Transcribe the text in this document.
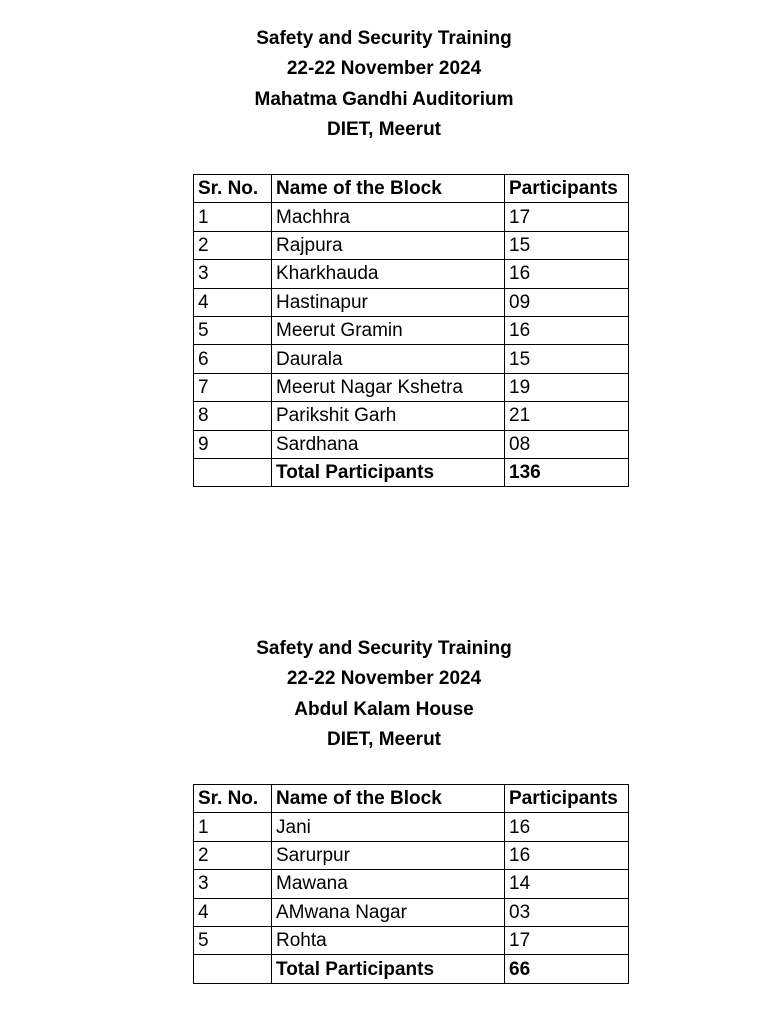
Safety and Security Training
22-22 November 2024
Mahatma Gandhi Auditorium
DIET, Meerut
Sr. No.	Name of the Block	Participants
1	Machhra	17
2	Rajpura	15
3	Kharkhauda	16
4	Hastinapur	09
5	Meerut Gramin	16
6	Daurala	15
7	Meerut Nagar Kshetra	19
8	Parikshit Garh	21
9	Sardhana	08
	Total Participants	136
Safety and Security Training
22-22 November 2024
Abdul Kalam House
DIET, Meerut
Sr. No.	Name of the Block	Participants
1	Jani	16
2	Sarurpur	16
3	Mawana	14
4	AMwana Nagar	03
5	Rohta	17
	Total Participants	66
